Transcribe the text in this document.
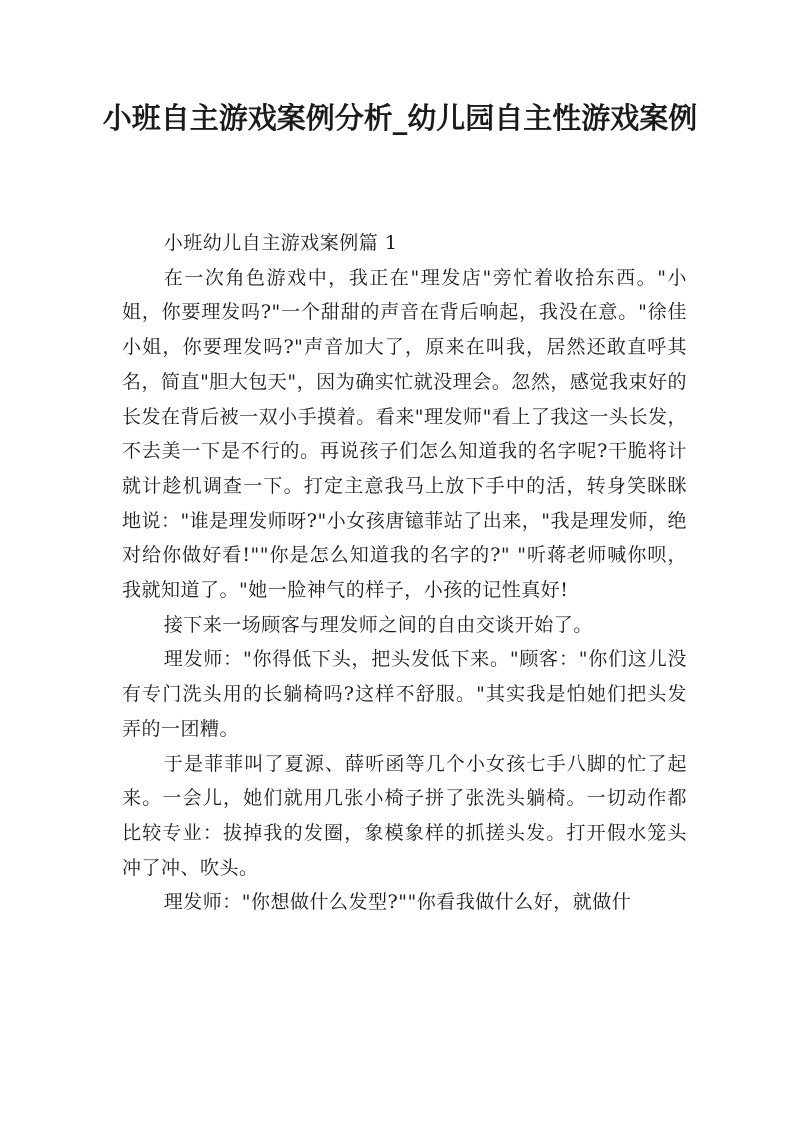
小班自主游戏案例分析_幼儿园自主性游戏案例

小班幼儿自主游戏案例篇 1

在一次角色游戏中，我正在"理发店"旁忙着收拾东西。"小姐，你要理发吗?"一个甜甜的声音在背后响起，我没在意。"徐佳小姐，你要理发吗?"声音加大了，原来在叫我，居然还敢直呼其名，简直"胆大包天"，因为确实忙就没理会。忽然，感觉我束好的长发在背后被一双小手摸着。看来"理发师"看上了我这一头长发，不去美一下是不行的。再说孩子们怎么知道我的名字呢?干脆将计就计趁机调查一下。打定主意我马上放下手中的活，转身笑眯眯地说："谁是理发师呀?"小女孩唐镱菲站了出来，"我是理发师，绝对给你做好看!""你是怎么知道我的名字的?" "听蒋老师喊你呗，我就知道了。"她一脸神气的样子，小孩的记性真好!

接下来一场顾客与理发师之间的自由交谈开始了。

理发师："你得低下头，把头发低下来。"顾客："你们这儿没有专门洗头用的长躺椅吗?这样不舒服。"其实我是怕她们把头发弄的一团糟。

于是菲菲叫了夏源、薛听函等几个小女孩七手八脚的忙了起来。一会儿，她们就用几张小椅子拼了张洗头躺椅。一切动作都比较专业：拔掉我的发圈，象模象样的抓搓头发。打开假水笼头冲了冲、吹头。

理发师："你想做什么发型?""你看我做什么好，就做什
